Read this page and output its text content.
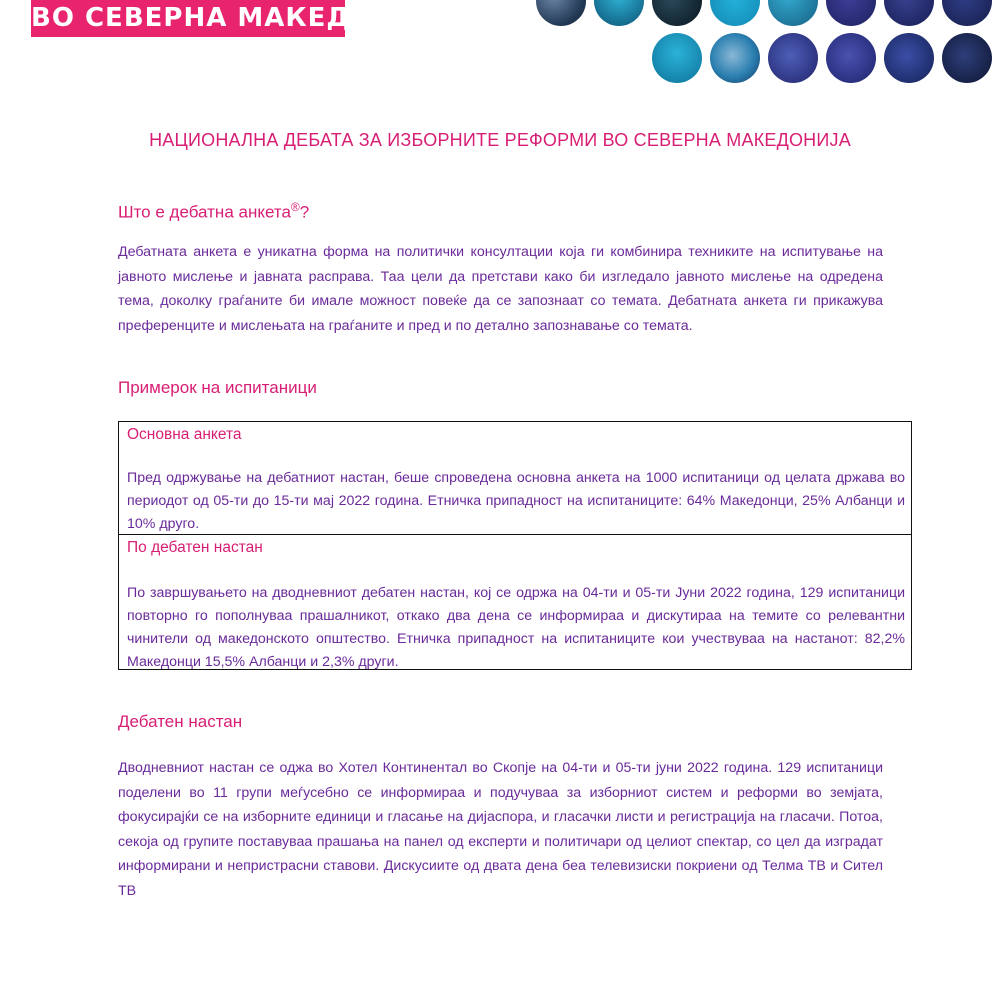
ВО СЕВЕРНА МАКЕДОНИЈА
НАЦИОНАЛНА ДЕБАТА ЗА ИЗБОРНИТЕ РЕФОРМИ ВО СЕВЕРНА МАКЕДОНИЈА
Што е дебатна анкета®?

Дебатната анкета е уникатна форма на политички консултации која ги комбинира техниките на испитување на јавното мислење и јавната расправа. Таа цели да претстави како би изгледало јавното мислење на одредена тема, доколку граѓаните би имале можност повеќе да се запознаат со темата. Дебатната анкета ги прикажува преференците и мислењата на граѓаните и пред и по детално запознавање со темата.

Примерок на испитаници
Основна анкета

Пред одржување на дебатниот настан, беше спроведена основна анкета на 1000 испитаници од целата држава во периодот од 05-ти до 15-ти мај 2022 година. Етничка припадност на испитаниците: 64% Македонци, 25% Албанци и 10% друго.

По дебатен настан

По завршувањето на дводневниот дебатен настан, кој се одржа на 04-ти и 05-ти Јуни 2022 година, 129 испитаници повторно го пополнуваа прашалникот, откако два дена се информираа и дискутираа на темите со релевантни чинители од македонското општество. Етничка припадност на испитаниците кои учествуваа на настанот: 82,2% Македонци 15,5% Албанци и 2,3% други.

Дебатен настан

Дводневниот настан се оджа во Хотел Континентал во Скопје на 04-ти и 05-ти јуни 2022 година. 129 испитаници поделени во 11 групи меѓусебно се информираа и подучуваа за изборниот систем и реформи во земјата, фокусирајќи се на изборните единици и гласање на дијаспора, и гласачки листи и регистрација на гласачи. Потоа, секоја од групите поставуваа прашања на панел од експерти и политичари од целиот спектар, со цел да изградат информирани и непристрасни ставови. Дискусиите од двата дена беа телевизиски покриени од Телма ТВ и Сител ТВ
